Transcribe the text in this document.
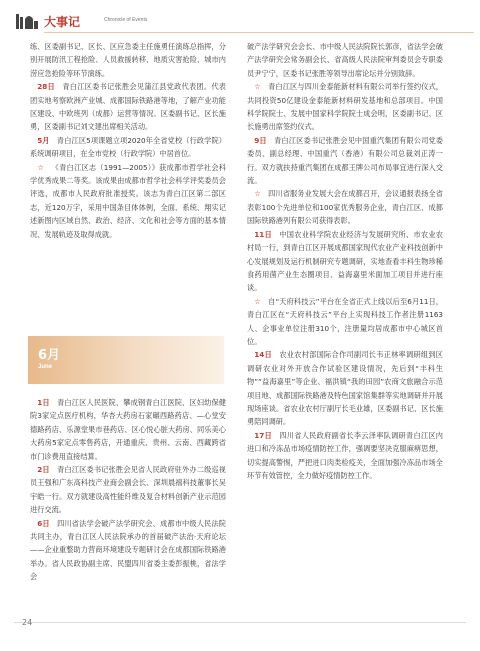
大事记	Chronicle of Events

练、区委副书记、区长、区应急委主任施勇任演练总指挥，分别开展防汛工程抢险、人员救援转移、地质灾害抢险、城市内涝应急抢险等环节演练。

 28日  青白江区委书记张胜会见蒲江县党政代表团。代表团实地考察欧洲产业城、成都国际铁路港等地，了解产业功能区建设、中欧班列（成都）运营等情况。区委副书记、区长施勇，区委副书记刘文建出席相关活动。

 5月  青白江区5项课题立项2020年全省党校（行政学院）系统调研项目，在全市党校（行政学院）中居首位。

 ☆  《青白江区志（1991—2005）》获成都市哲学社会科学优秀成果二等奖。该成果由成都市哲学社会科学评奖委员会评选，成都市人民政府批准授奖。该志为青白江区第二部区志，近120万字，采用中国条目体体例，全面、系统、翔实记述新图内区域自然、政治、经济、文化和社会等方面的基本情况、发展轨迹及取得成就。

6月
June

 1日  青白江区人民医院、攀成钢青白江医院、区妇幼保健院3家定点医疗机构，华杏大药房石家碾西路药店、—心堂安德路药店、乐源堂果市巷药店、区心悦心脏大药房、同乐美心大药房5家定点零售药店，开通重庆、贵州、云南、西藏跨省市门诊费用直接结算。

 2日  青白江区委书记张胜会见省人民政府驻外办二级巡视员王强和广东高科技产业商会副会长、深圳晨禧科技董事长吴宇皓一行。双方就建设高性能纤维及复合材料创新产业示范园进行交流。

 6日  四川省法学会破产法学研究会、成都市中级人民法院共同主办，青白江区人民法院承办的首届破产法治·天府论坛——企业重整助力营商环境建设专题研讨会在成都国际铁路港举办。省人民政协副主席、民盟四川省委主委彭振桃，省法学会

破产法学研究会会长、市中级人民法院院长郭彦，省法学会破产法学研究会常务副会长、省高级人民法院审判委员会专职委员尹宁宁，区委书记张胜等领导出席论坛并分别致辞。

 ☆  青白江区与四川金泰能新材料有限公司举行签约仪式，共同投资50亿建设金泰能新材料研发基地和总部项目。中国科学院院士、发展中国家科学院院士成会明，区委副书记、区长施勇出席签约仪式。

 9日  青白江区委书记张胜会见中国重汽集团有限公司党委委员、副总经理、中国重汽（香港）有限公司总裁刘正涛一行。双方就扶持重汽集团在成都王牌公司布局事宜进行深入交流。

 ☆  四川省服务业发展大会在成都召开，会议通报表扬全省表彰100个先进单位和100家优秀服务企业，青白江区、成都国际铁路港列有限公司获得表彰。

 11日  中国农业科学院农业经济与发展研究所、市农业农村局一行，到青白江区开展成都国家现代农业产业科技创新中心发展规划及运行机制研究专题调研，实地查看丰科生物珍稀食药用菌产业生态圈项目、益海嘉里米面加工项目并进行座谈。

 ☆  自“天府科技云”平台在全省正式上线以后至6月11日，青白江区在“天府科技云”平台上实现科技工作者注册1163人、企事业单位注册310个，注册量均居成都市中心城区首位。

 14日  农业农村部国际合作司副司长韦正林率调研组到区调研农业对外开放合作试验区建设情况，先后到“丰科生物”“益海嘉里”等企业、福洪镇“我的田园”农商文旅融合示范项目地、成都国际铁路港及特色国家馆集群等实地调研并开展现场座谈。省农业农村厅副厅长毛业雄，区委副书记、区长施勇陪同调研。

 17日  四川省人民政府副省长李云泽率队调研青白江区内进口和冷冻品市场疫情防控工作，强调要坚决克服麻痹思想，切实提高警惕，严把进口肉类检疫关，全面加强冷冻品市场全环节有效管控，全力做好疫情防控工作。

24
